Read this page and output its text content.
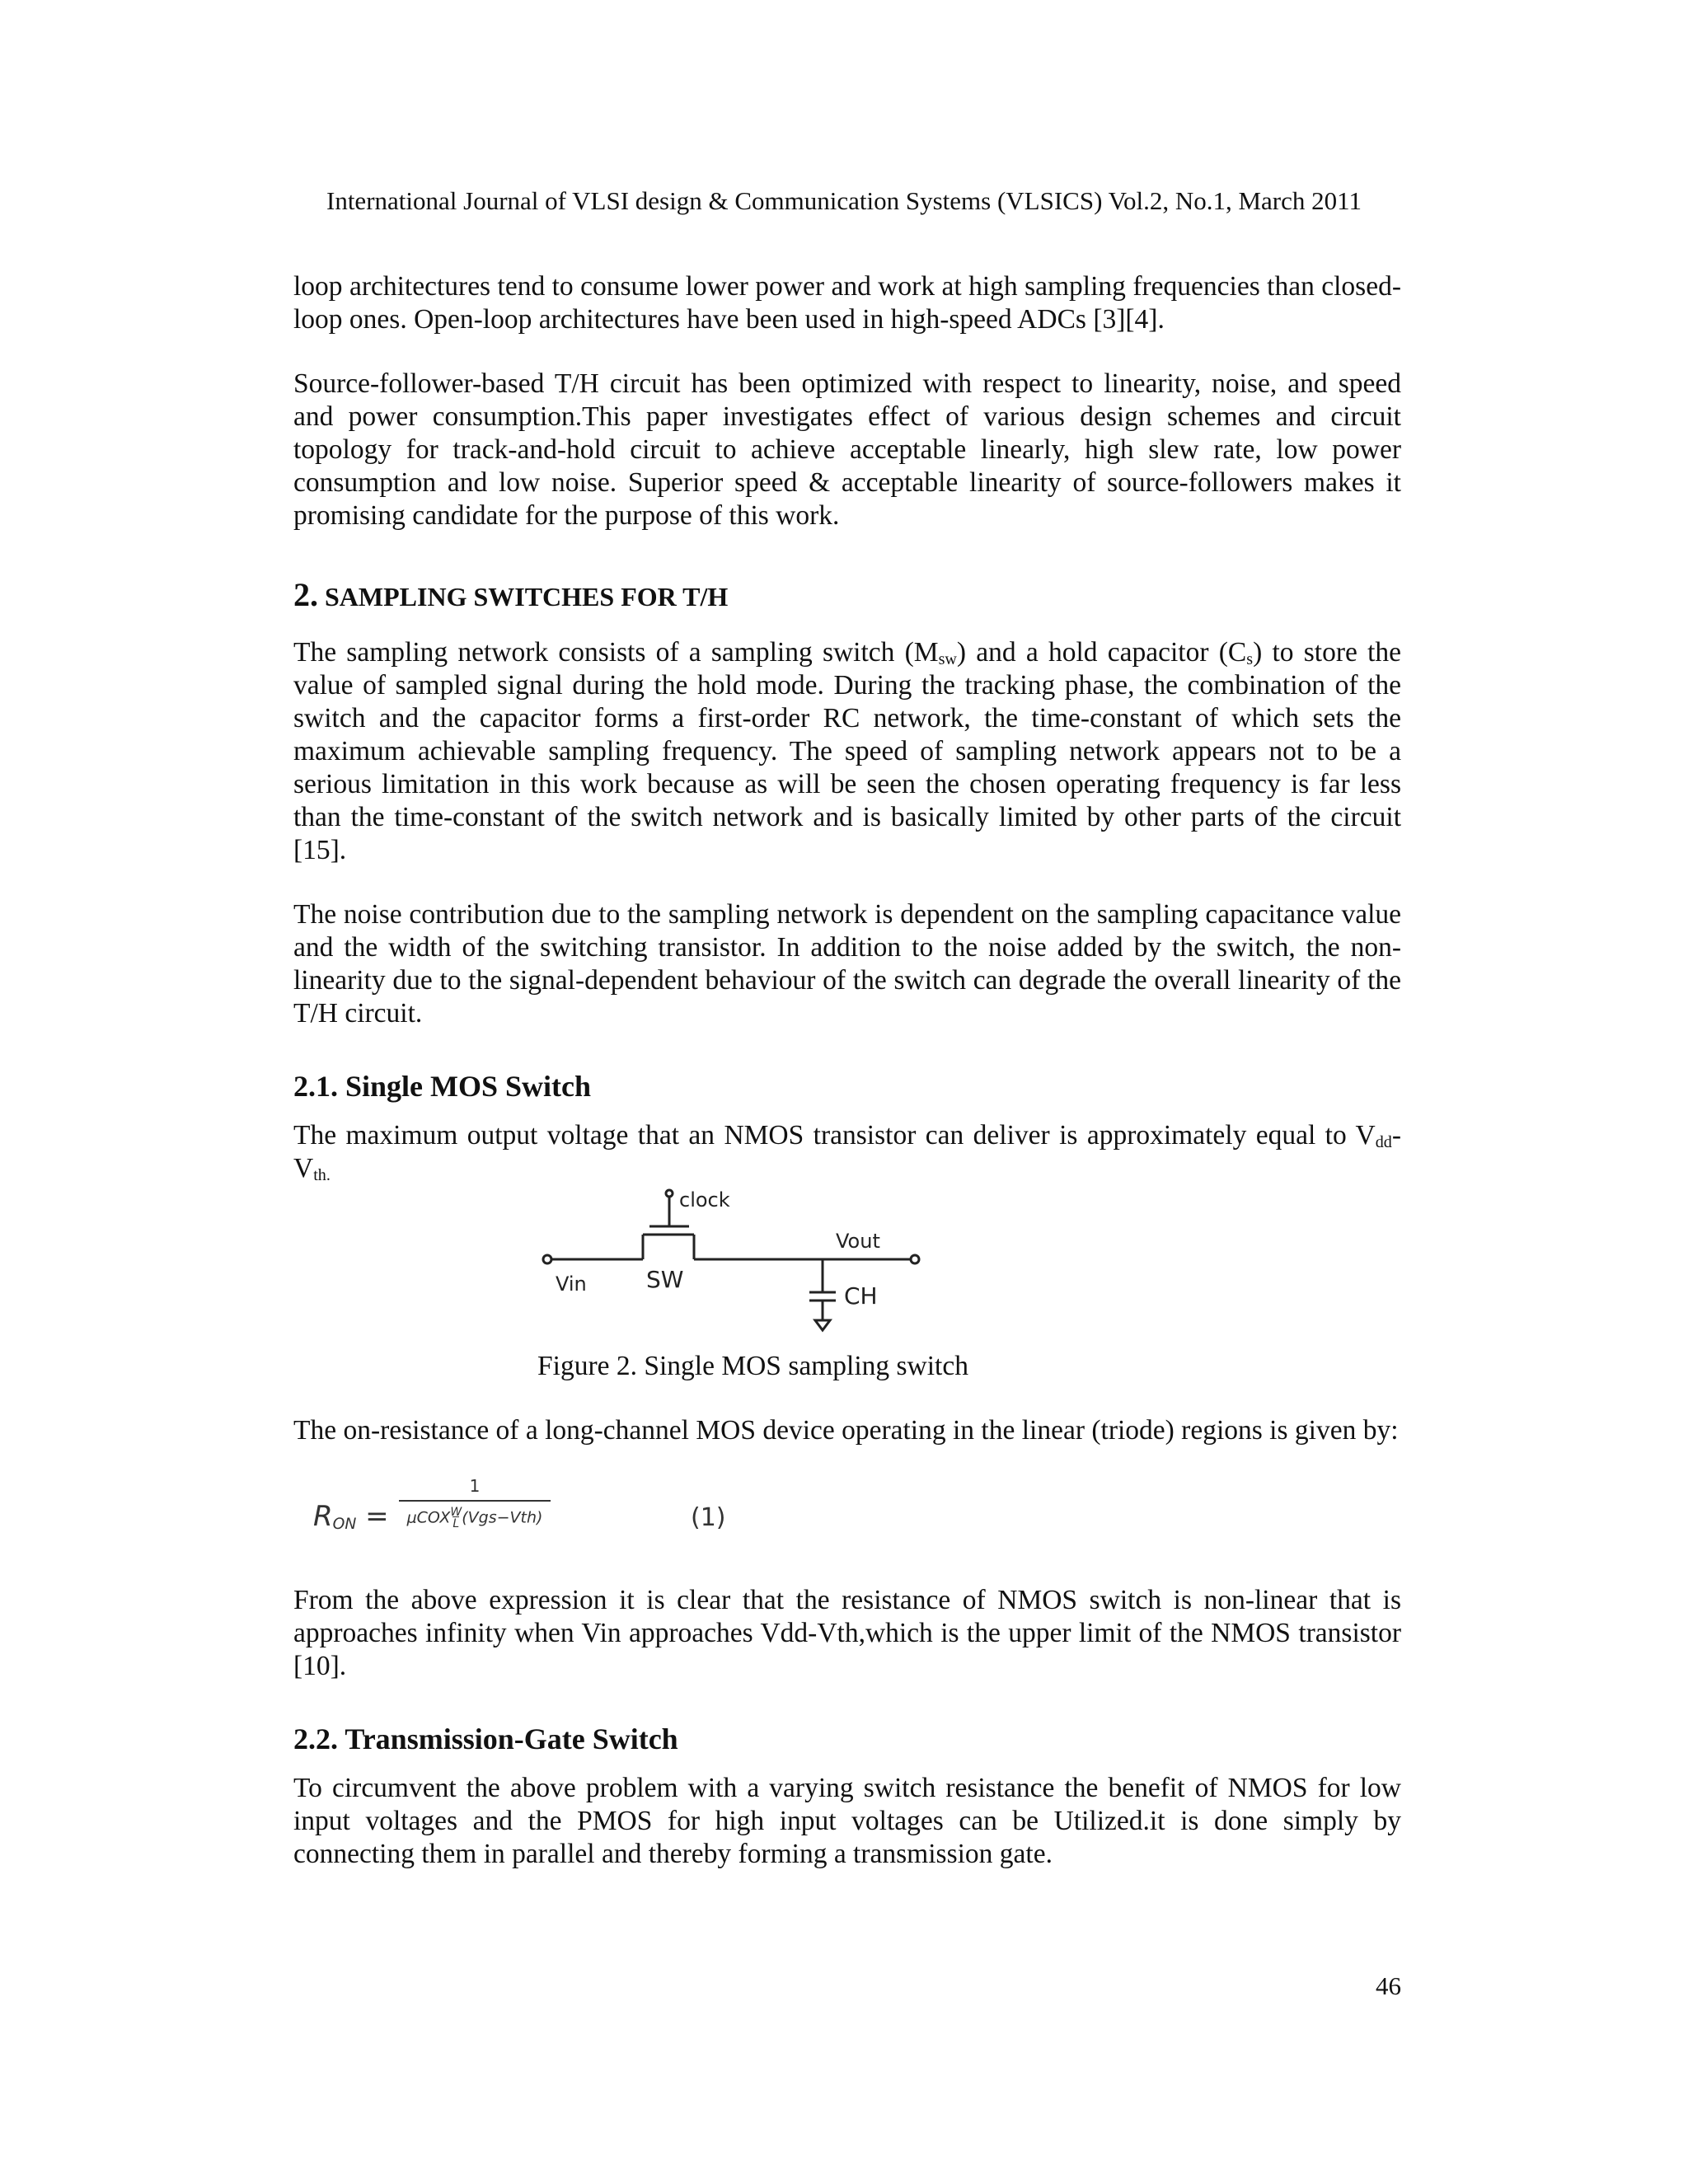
International Journal of VLSI design & Communication Systems (VLSICS) Vol.2, No.1, March 2011

loop architectures tend to consume lower power and work at high sampling frequencies than closed-loop ones. Open-loop architectures have been used in high-speed ADCs [3][4].

Source-follower-based T/H circuit has been optimized with respect to linearity, noise, and speed and power consumption.This paper investigates effect of various design schemes and circuit topology for track-and-hold circuit to achieve acceptable linearly, high slew rate, low power consumption and low noise. Superior speed & acceptable linearity of source-followers makes it promising candidate for the purpose of this work.

2. SAMPLING SWITCHES FOR T/H

The sampling network consists of a sampling switch $(M_{sw})$ and a hold capacitor $(C_s)$ to store the value of sampled signal during the hold mode. During the tracking phase, the combination of the switch and the capacitor forms a first-order RC network, the time-constant of which sets the maximum achievable sampling frequency. The speed of sampling network appears not to be a serious limitation in this work because as will be seen the chosen operating frequency is far less than the time-constant of the switch network and is basically limited by other parts of the circuit [15].

The noise contribution due to the sampling network is dependent on the sampling capacitance value and the width of the switching transistor. In addition to the noise added by the switch, the non-linearity due to the signal-dependent behaviour of the switch can degrade the overall linearity of the T/H circuit.

2.1. Single MOS Switch

The maximum output voltage that an NMOS transistor can deliver is approximately equal to $V_{dd}-V_{th.}$

clock
Vout
Vin	SW
CH

Figure 2. Single MOS sampling switch

The on-resistance of a long-channel MOS device operating in the linear (triode) regions is given by:

$R_{ON}$ =
1
$\mu COX\frac{W}{L}(Vgs-Vth)$	(1)

From the above expression it is clear that the resistance of NMOS switch is non-linear that is approaches infinity when Vin approaches Vdd-Vth,which is the upper limit of the NMOS transistor [10].

2.2. Transmission-Gate Switch

To circumvent the above problem with a varying switch resistance the benefit of NMOS for low input voltages and the PMOS for high input voltages can be Utilized.it is done simply by connecting them in parallel and thereby forming a transmission gate.

46
